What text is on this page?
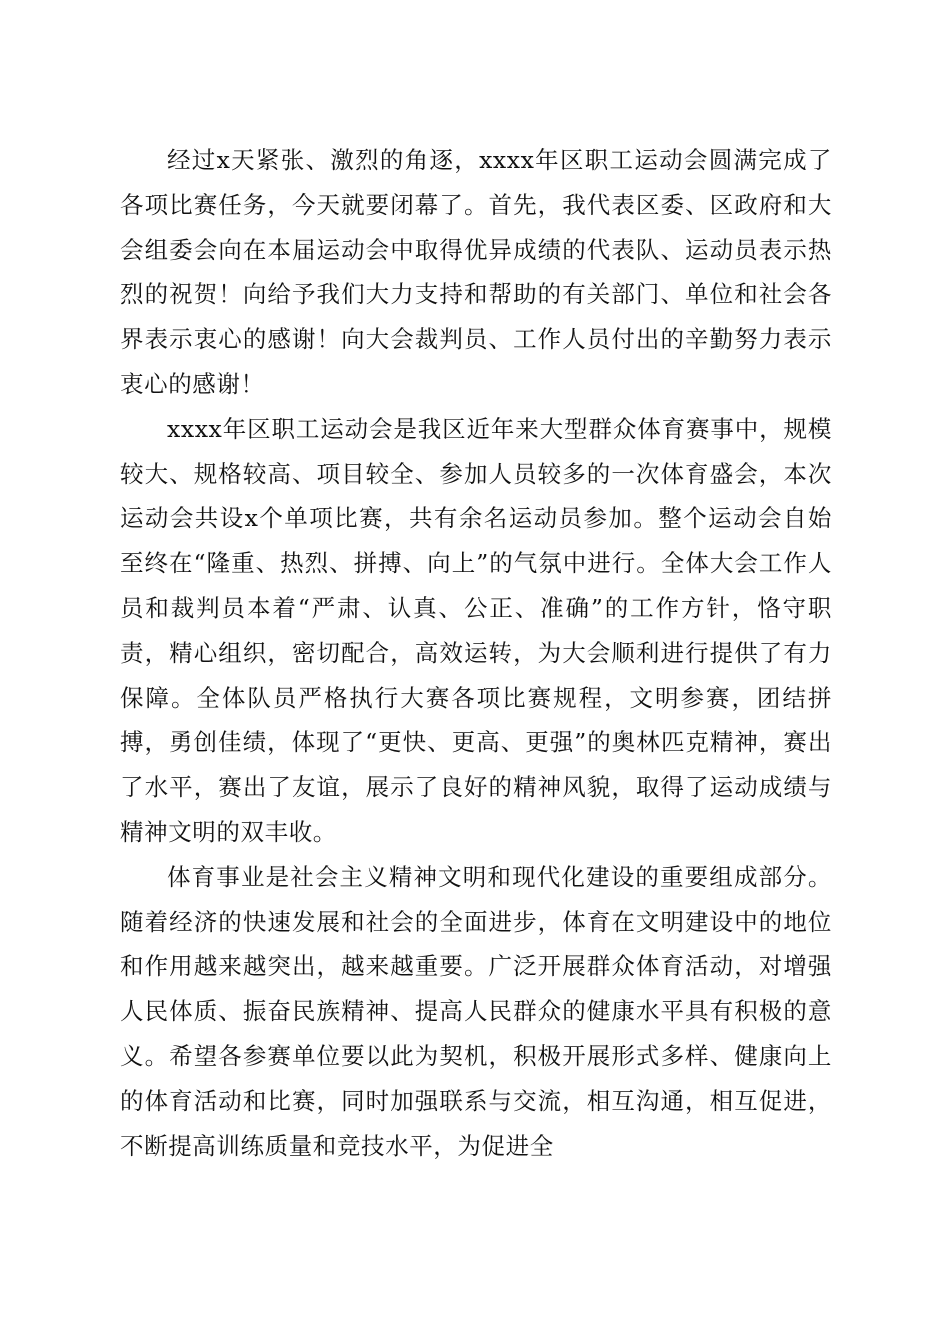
经过x天紧张、激烈的角逐，xxxx年区职工运动会圆满完成了各项比赛任务，今天就要闭幕了。首先，我代表区委、区政府和大会组委会向在本届运动会中取得优异成绩的代表队、运动员表示热烈的祝贺！向给予我们大力支持和帮助的有关部门、单位和社会各界表示衷心的感谢！向大会裁判员、工作人员付出的辛勤努力表示衷心的感谢！

xxxx年区职工运动会是我区近年来大型群众体育赛事中，规模较大、规格较高、项目较全、参加人员较多的一次体育盛会，本次运动会共设x个单项比赛，共有余名运动员参加。整个运动会自始至终在“隆重、热烈、拼搏、向上”的气氛中进行。全体大会工作人员和裁判员本着“严肃、认真、公正、准确”的工作方针，恪守职责，精心组织，密切配合，高效运转，为大会顺利进行提供了有力保障。全体队员严格执行大赛各项比赛规程，文明参赛，团结拼搏，勇创佳绩，体现了“更快、更高、更强”的奥林匹克精神，赛出了水平，赛出了友谊，展示了良好的精神风貌，取得了运动成绩与精神文明的双丰收。

体育事业是社会主义精神文明和现代化建设的重要组成部分。随着经济的快速发展和社会的全面进步，体育在文明建设中的地位和作用越来越突出，越来越重要。广泛开展群众体育活动，对增强人民体质、振奋民族精神、提高人民群众的健康水平具有积极的意义。希望各参赛单位要以此为契机，积极开展形式多样、健康向上的体育活动和比赛，同时加强联系与交流，相互沟通，相互促进，不断提高训练质量和竞技水平，为促进全
